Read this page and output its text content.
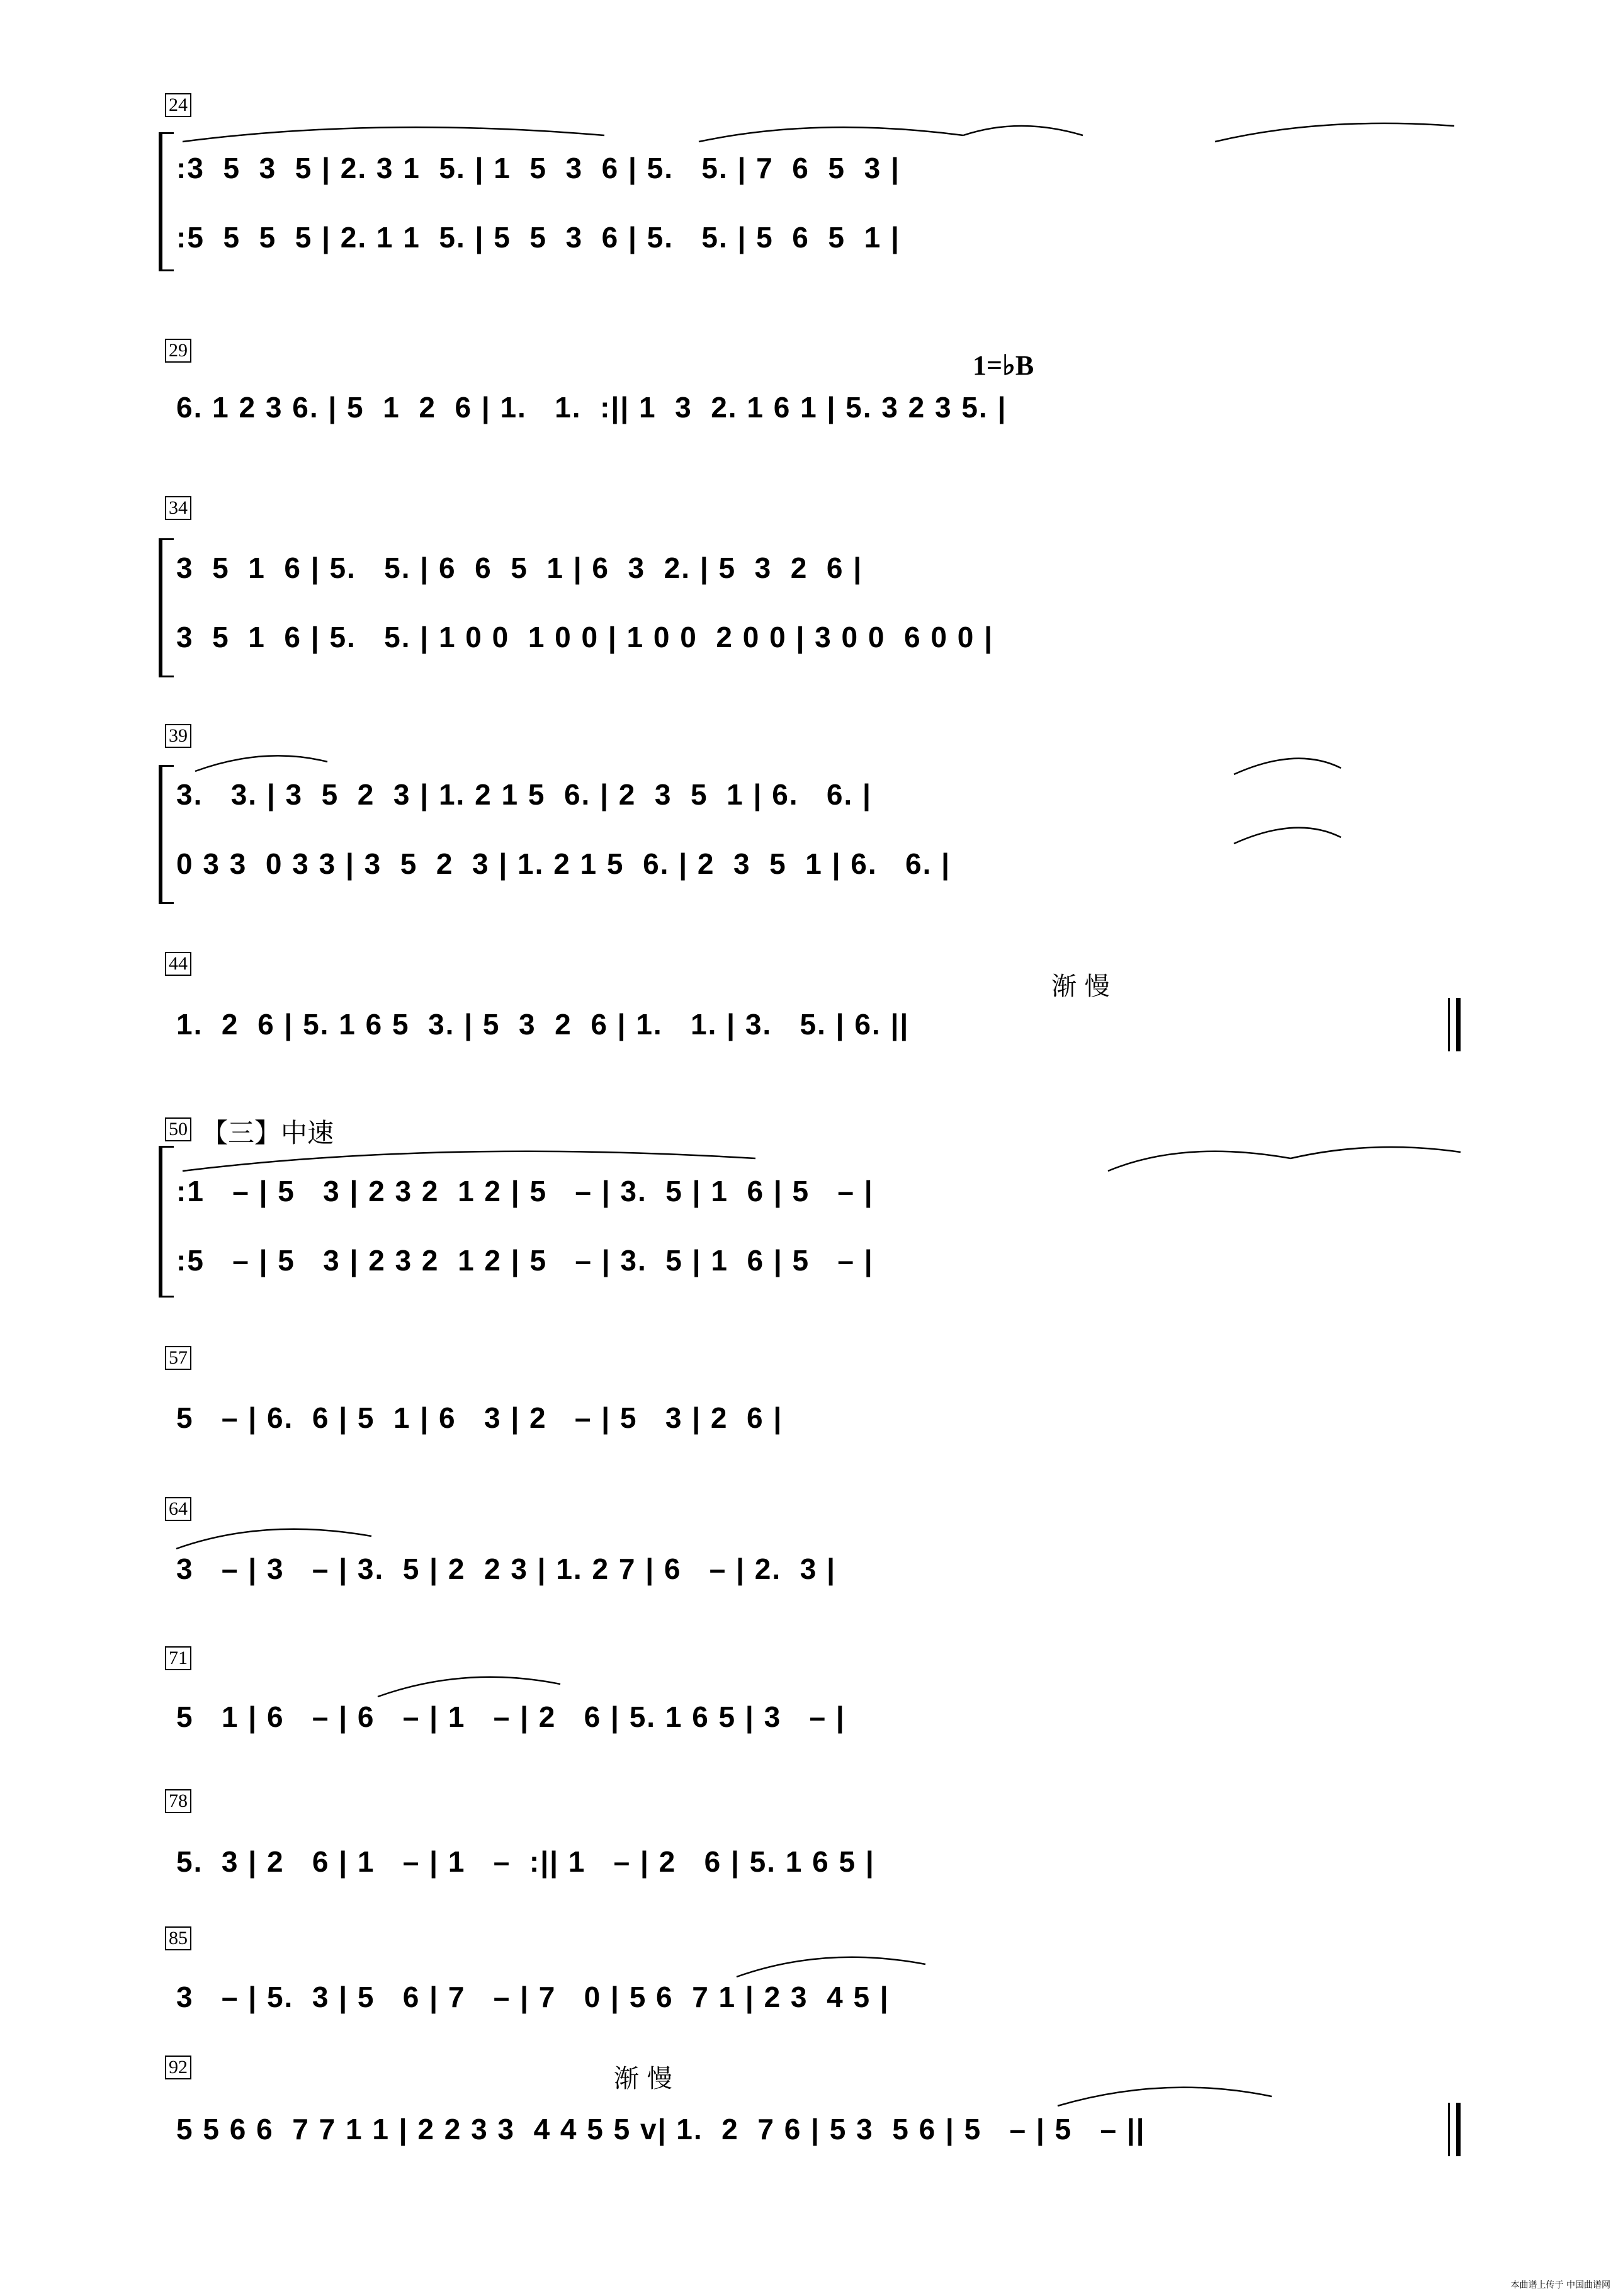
24
29
34
39
44
50
57
64
71
78
85
92
1=♭B
渐 慢
渐 慢
【三】中速
:3  5  3  5 | 2. 3 1  5. | 1  5  3  6 | 5.   5. | 7  6  5  3 |
:5  5  5  5 | 2. 1 1  5. | 5  5  3  6 | 5.   5. | 5  6  5  1 |
6. 1 2 3 6. | 5  1  2  6 | 1.   1.  :|| 1  3  2. 1 6 1 | 5. 3 2 3 5. |
3  5  1  6 | 5.   5. | 6  6  5  1 | 6  3  2. | 5  3  2  6 |
3  5  1  6 | 5.   5. | 1 0 0  1 0 0 | 1 0 0  2 0 0 | 3 0 0  6 0 0 |
3.   3. | 3  5  2  3 | 1. 2 1 5  6. | 2  3  5  1 | 6.   6. |
0 3 3  0 3 3 | 3  5  2  3 | 1. 2 1 5  6. | 2  3  5  1 | 6.   6. |
1.  2  6 | 5. 1 6 5  3. | 5  3  2  6 | 1.   1. | 3.   5. | 6. ||
:1   – | 5   3 | 2 3 2  1 2 | 5   – | 3.  5 | 1  6 | 5   – |
:5   – | 5   3 | 2 3 2  1 2 | 5   – | 3.  5 | 1  6 | 5   – |
5   – | 6.  6 | 5  1 | 6   3 | 2   – | 5   3 | 2  6 |
3   – | 3   – | 3.  5 | 2  2 3 | 1. 2 7 | 6   – | 2.  3 |
5   1 | 6   – | 6   – | 1   – | 2   6 | 5. 1 6 5 | 3   – |
5.  3 | 2   6 | 1   – | 1   –  :|| 1   – | 2   6 | 5. 1 6 5 |
3   – | 5.  3 | 5   6 | 7   – | 7   0 | 5 6  7 1 | 2 3  4 5 |
5 5 6 6  7 7 1 1 | 2 2 3 3  4 4 5 5 v| 1.  2  7 6 | 5 3  5 6 | 5   – | 5   – ||
本曲谱上传于 中国曲谱网
